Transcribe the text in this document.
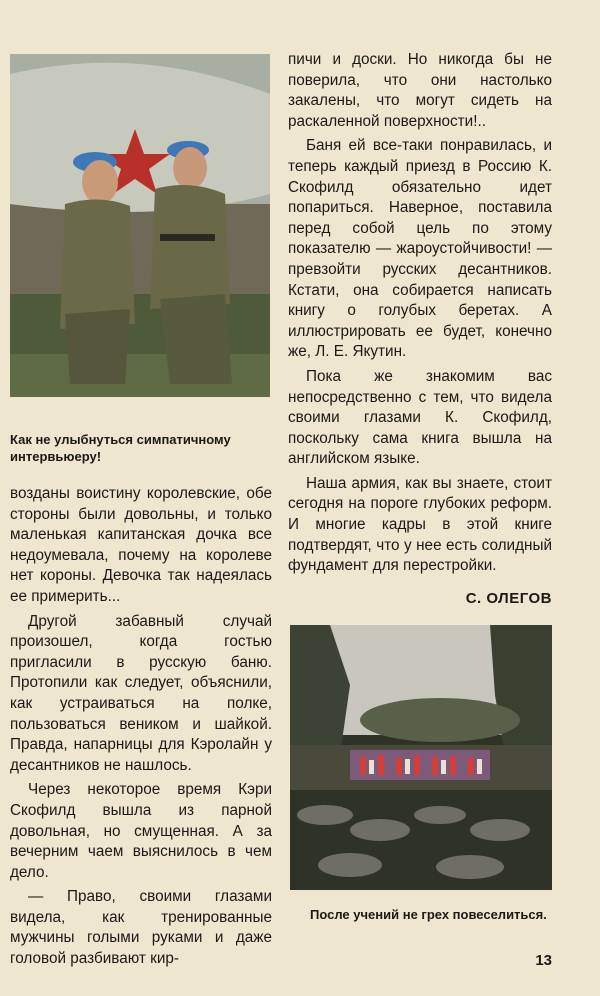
Как не улыбнуться симпатичному интервьюеру!

возданы воистину королевские, обе стороны были довольны, и только маленькая капитанская дочка все недоумевала, почему на королеве нет короны. Девочка так надеялась ее примерить...

Другой забавный случай произошел, когда гостью пригласили в русскую баню. Протопили как следует, объяснили, как устраиваться на полке, пользоваться веником и шайкой. Правда, напарницы для Кэролайн у десантников не нашлось.

Через некоторое время Кэри Скофилд вышла из парной довольная, но смущенная. А за вечерним чаем выяснилось в чем дело.

— Право, своими глазами видела, как тренированные мужчины голыми руками и даже головой разбивают кир-

пичи и доски. Но никогда бы не поверила, что они настолько закалены, что могут сидеть на раскаленной поверхности!..

Баня ей все-таки понравилась, и теперь каждый приезд в Россию К. Скофилд обязательно идет попариться. Наверное, поставила перед собой цель по этому показателю — жароустойчивости! — превзойти русских десантников. Кстати, она собирается написать книгу о голубых беретах. А иллюстрировать ее будет, конечно же, Л. Е. Якутин.

Пока же знакомим вас непосредственно с тем, что видела своими глазами К. Скофилд, поскольку сама книга вышла на английском языке.

Наша армия, как вы знаете, стоит сегодня на пороге глубоких реформ. И многие кадры в этой книге подтвердят, что у нее есть солидный фундамент для перестройки.

С. ОЛЕГОВ

После учений не грех повеселиться.

13
